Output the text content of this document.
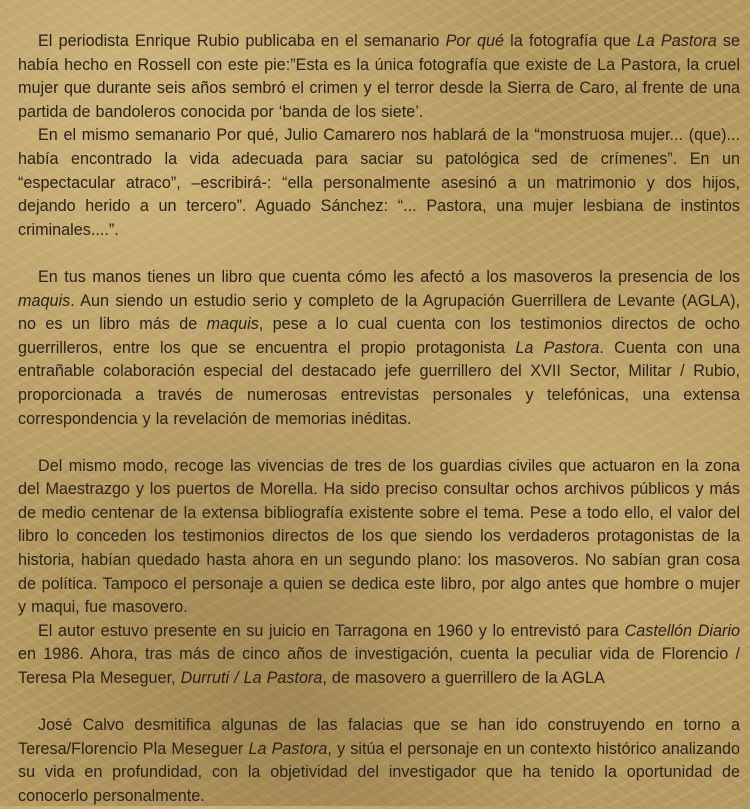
El periodista Enrique Rubio publicaba en el semanario Por qué la fotografía que La Pastora se había hecho en Rossell con este pie:”Esta es la única fotografía que existe de La Pastora, la cruel mujer que durante seis años sembró el crimen y el terror desde la Sierra de Caro, al frente de una partida de bandoleros conocida por ‘banda de los siete’.

En el mismo semanario Por qué, Julio Camarero nos hablará de la “monstruosa mujer... (que)... había encontrado la vida adecuada para saciar su patológica sed de crímenes”. En un “espectacular atraco”, –escribirá-: “ella personalmente asesinó a un matrimonio y dos hijos, dejando herido a un tercero”. Aguado Sánchez: “... Pastora, una mujer lesbiana de instintos criminales....”.

En tus manos tienes un libro que cuenta cómo les afectó a los masoveros la presencia de los maquis. Aun siendo un estudio serio y completo de la Agrupación Guerrillera de Levante (AGLA), no es un libro más de maquis, pese a lo cual cuenta con los testimonios directos de ocho guerrilleros, entre los que se encuentra el propio protagonista La Pastora. Cuenta con una entrañable colaboración especial del destacado jefe guerrillero del XVII Sector, Militar / Rubio, proporcionada a través de numerosas entrevistas personales y telefónicas, una extensa correspondencia y la revelación de memorias inéditas.

Del mismo modo, recoge las vivencias de tres de los guardias civiles que actuaron en la zona del Maestrazgo y los puertos de Morella. Ha sido preciso consultar ochos archivos públicos y más de medio centenar de la extensa bibliografía existente sobre el tema. Pese a todo ello, el valor del libro lo conceden los testimonios directos de los que siendo los verdaderos protagonistas de la historia, habían quedado hasta ahora en un segundo plano: los masoveros. No sabían gran cosa de política. Tampoco el personaje a quien se dedica este libro, por algo antes que hombre o mujer y maqui, fue masovero.

El autor estuvo presente en su juicio en Tarragona en 1960 y lo entrevistó para Castellón Diario en 1986. Ahora, tras más de cinco años de investigación, cuenta la peculiar vida de Florencio / Teresa Pla Meseguer, Durruti / La Pastora, de masovero a guerrillero de la AGLA

José Calvo desmitifica algunas de las falacias que se han ido construyendo en torno a Teresa/Florencio Pla Meseguer La Pastora, y sitúa el personaje en un contexto histórico analizando su vida en profundidad, con la objetividad del investigador que ha tenido la oportunidad de conocerlo personalmente.
